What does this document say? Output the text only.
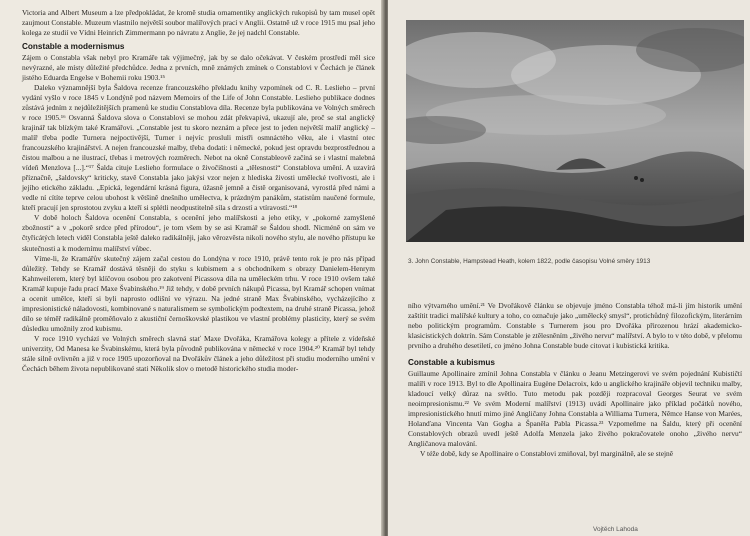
Victoria and Albert Museum a lze předpokládat, že kromě studia ornamentiky anglických rukopisů by tam musel opět zaujmout Constable. Muzeum vlastnilo největší soubor malířových prací v Anglii. Ostatně už v roce 1915 mu psal jeho kolega ze studií ve Vídni Heinrich Zimmermann po návratu z Anglie, že jej nadchl Constable.

Constable a modernismus

Zájem o Constabla však nebyl pro Kramáře tak výjimečný, jak by se dalo očekávat. V českém prostředí měl sice nevýrazné, ale místy důležité předchůdce. Jedna z prvních, mně známých zmínek o Constablovi v Čechách je článek jistého Eduarda Engelse v Bohemii roku 1903.¹⁵

Daleko významnější byla Šaldova recenze francouzského překladu knihy vzpomínek od C. R. Leslieho – první vydání vyšlo v roce 1845 v Londýně pod názvem Memoirs of the Life of John Constable. Leslieho publikace dodnes zůstává jedním z nejdůležitějších pramenů ke studiu Constablova díla. Recenze byla publikována ve Volných směrech v roce 1905.¹⁶ Osvanná Šaldova slova o Constablovi se mohou zdát překvapivá, ukazují ale, proč se stal anglický krajinář tak blízkým také Kramářovi. „Constable jest tu skoro neznám a přece jest to jeden největší malíř anglický – malíř třeba podle Turnera nejpoctivější, Turner i nejvíc prosluli mistři osmnáctého věku, ale i vlastní otec francouzského krajinářství. A nejen francouzské malby, třeba dodati: i německé, pokud jest opravdu bezprostřednou a čistou malbou a ne ilustrací, třebas i metrových rozměrech. Nebot na okně Constableově začíná se i vlastní malebná vídeň Menzlova [...].“¹⁷ Šalda cituje Leslieho formulace o živočišnosti a „tělesnosti“ Constablova umění. A uzavírá příznačně, „šaldovsky“ kriticky, stavě Constabla jako jakýsi vzor nejen z hlediska živosti umělecké tvořivosti, ale i jejího etického základu. „Epická, legendární krásná figura, úžasně jemně a čistě organisovaná, vyrostlá před námi a vedle ní cítíte teprve celou ubohost k většině dnešního umělectva, k prázdným panákům, statistům naučené formule, kteří pracují jen sprostotou zvyku a kteří si splétli neodpustitelně síla s drzostí a vtíravostí.“¹⁸

V době holoch Šaldova ocenění Constabla, s ocenění jeho malířskosti a jeho etiky, v „pokorné zamyšlené zbožnosti“ a v „pokorě srdce před přírodou“, je tom všem by se asi Kramář se Šaldou shodl. Nicméně on sám ve čtyřicátých letech viděl Constabla ještě daleko radikálněji, jako věrozvěsta nikoli nového stylu, ale nového přístupu ke skutečnosti a k modernímu malířství vůbec.

Víme-li, že Kramářův skutečný zájem začal cestou do Londýna v roce 1910, právě tento rok je pro nás případ důležitý. Tehdy se Kramář dostává těsněji do styku s kubismem a s obchodníkem s obrazy Danielem-Henrym Kahnweilerem, který byl klíčovou osobou pro zakotvení Picassova díla na uměleckém trhu. V roce 1910 ovšem také Kramář kupuje řadu prací Maxe Švabinského.¹⁹ Již tehdy, v době prvních nákupů Picassa, byl Kramář schopen vnímat a ocenit umělce, kteří si byli naprosto odlišní ve výrazu. Na jedné straně Max Švabinského, vycházejícího z impresionistické náladovosti, kombinované s naturalismem se symbolickým podtextem, na druhé straně Picassa, jehož dílo se téměř radikálně proměňovalo z akustiční černoškovské plastikou ve vlastní problémy plasticity, který se svém důsledku umožnily zrod kubismu.

V roce 1910 vychází ve Volných směrech slavná stať Maxe Dvořáka, Kramářova kolegy a přítele z vídeňské univerzity, Od Manesa ke Švabinskému, která byla původně publikována v německé v roce 1904.²⁰ Kramář byl tehdy stále silně ovlivněn a již v roce 1905 upozorňoval na Dvořákův článek a jeho důležitost při studiu moderního umění v Čechách během života nepublikované stati Několik slov o metodě historického studia moder-

3. John Constable, Hampstead Heath, kolem 1822, podle časopisu Volné směry 1913

ního výtvarného umění.²¹ Ve Dvořákově článku se objevuje jméno Constabla téhož má-li jím historik umění zaštítit tradici malířské kultury a toho, co označuje jako „umělecký smysl“, protichůdný filozofickým, literárním nebo politickým programům. Constable s Turnerem jsou pro Dvořáka přirozenou hrází akademicko-klasicistických doktrín. Sám Constable je ztělesněním „živého nervu“ malířství. A bylo to v této době, v přelomu prvního a druhého desetiletí, co jméno Johna Constable bude citovat i kubistická kritika.

Constable a kubismus

Guillaume Apollinaire zmínil Johna Constabla v článku o Jeanu Metzingerovi ve svém pojednání Kubističtí malíři v roce 1913. Byl to dle Apollinaira Eugène Delacroix, kdo u anglického krajináře objevil techniku malby, kladoucí velký důraz na světlo. Tuto metodu pak později rozpracoval Georges Seurat ve svém neoimpresionismu.²² Ve svém Moderní malířství (1913) uvádí Apollinaire jako příklad počátků nového, impresionistického hnutí mimo jiné Angličany Johna Constabla a Williama Turnera, Němce Hanse von Marées, Holanďana Vincenta Van Gogha a Španěla Pabla Picassa.²³ Vzpomeňme na Šaldu, který při ocenění Constablových obrazů uvedl ještě Adolfa Menzela jako živého pokračovatele onoho „živého nervu“ Angličanova malování.

V téže době, kdy se Apollinaire o Constablovi zmiňoval, byl marginálně, ale se stejně

Vojtěch Lahoda
